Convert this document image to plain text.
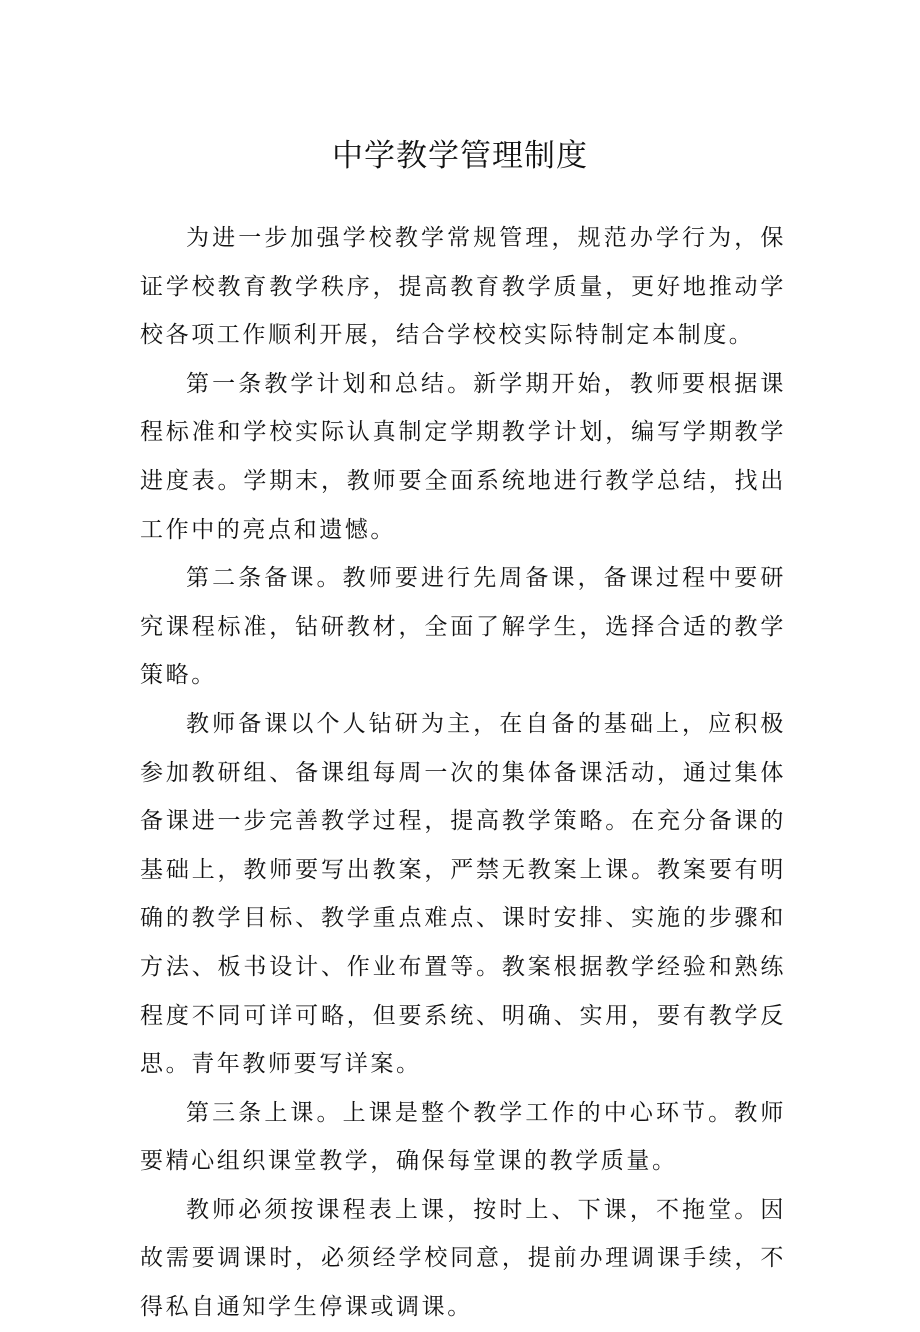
中学教学管理制度

为进一步加强学校教学常规管理，规范办学行为，保证学校教育教学秩序，提高教育教学质量，更好地推动学校各项工作顺利开展，结合学校校实际特制定本制度。

第一条教学计划和总结。新学期开始，教师要根据课程标准和学校实际认真制定学期教学计划，编写学期教学进度表。学期末，教师要全面系统地进行教学总结，找出工作中的亮点和遗憾。

第二条备课。教师要进行先周备课，备课过程中要研究课程标准，钻研教材，全面了解学生，选择合适的教学策略。

教师备课以个人钻研为主，在自备的基础上，应积极参加教研组、备课组每周一次的集体备课活动，通过集体备课进一步完善教学过程，提高教学策略。在充分备课的基础上，教师要写出教案，严禁无教案上课。教案要有明确的教学目标、教学重点难点、课时安排、实施的步骤和方法、板书设计、作业布置等。教案根据教学经验和熟练程度不同可详可略，但要系统、明确、实用，要有教学反思。青年教师要写详案。

第三条上课。上课是整个教学工作的中心环节。教师要精心组织课堂教学，确保每堂课的教学质量。

教师必须按课程表上课，按时上、下课，不拖堂。因故需要调课时，必须经学校同意，提前办理调课手续，不得私自通知学生停课或调课。
